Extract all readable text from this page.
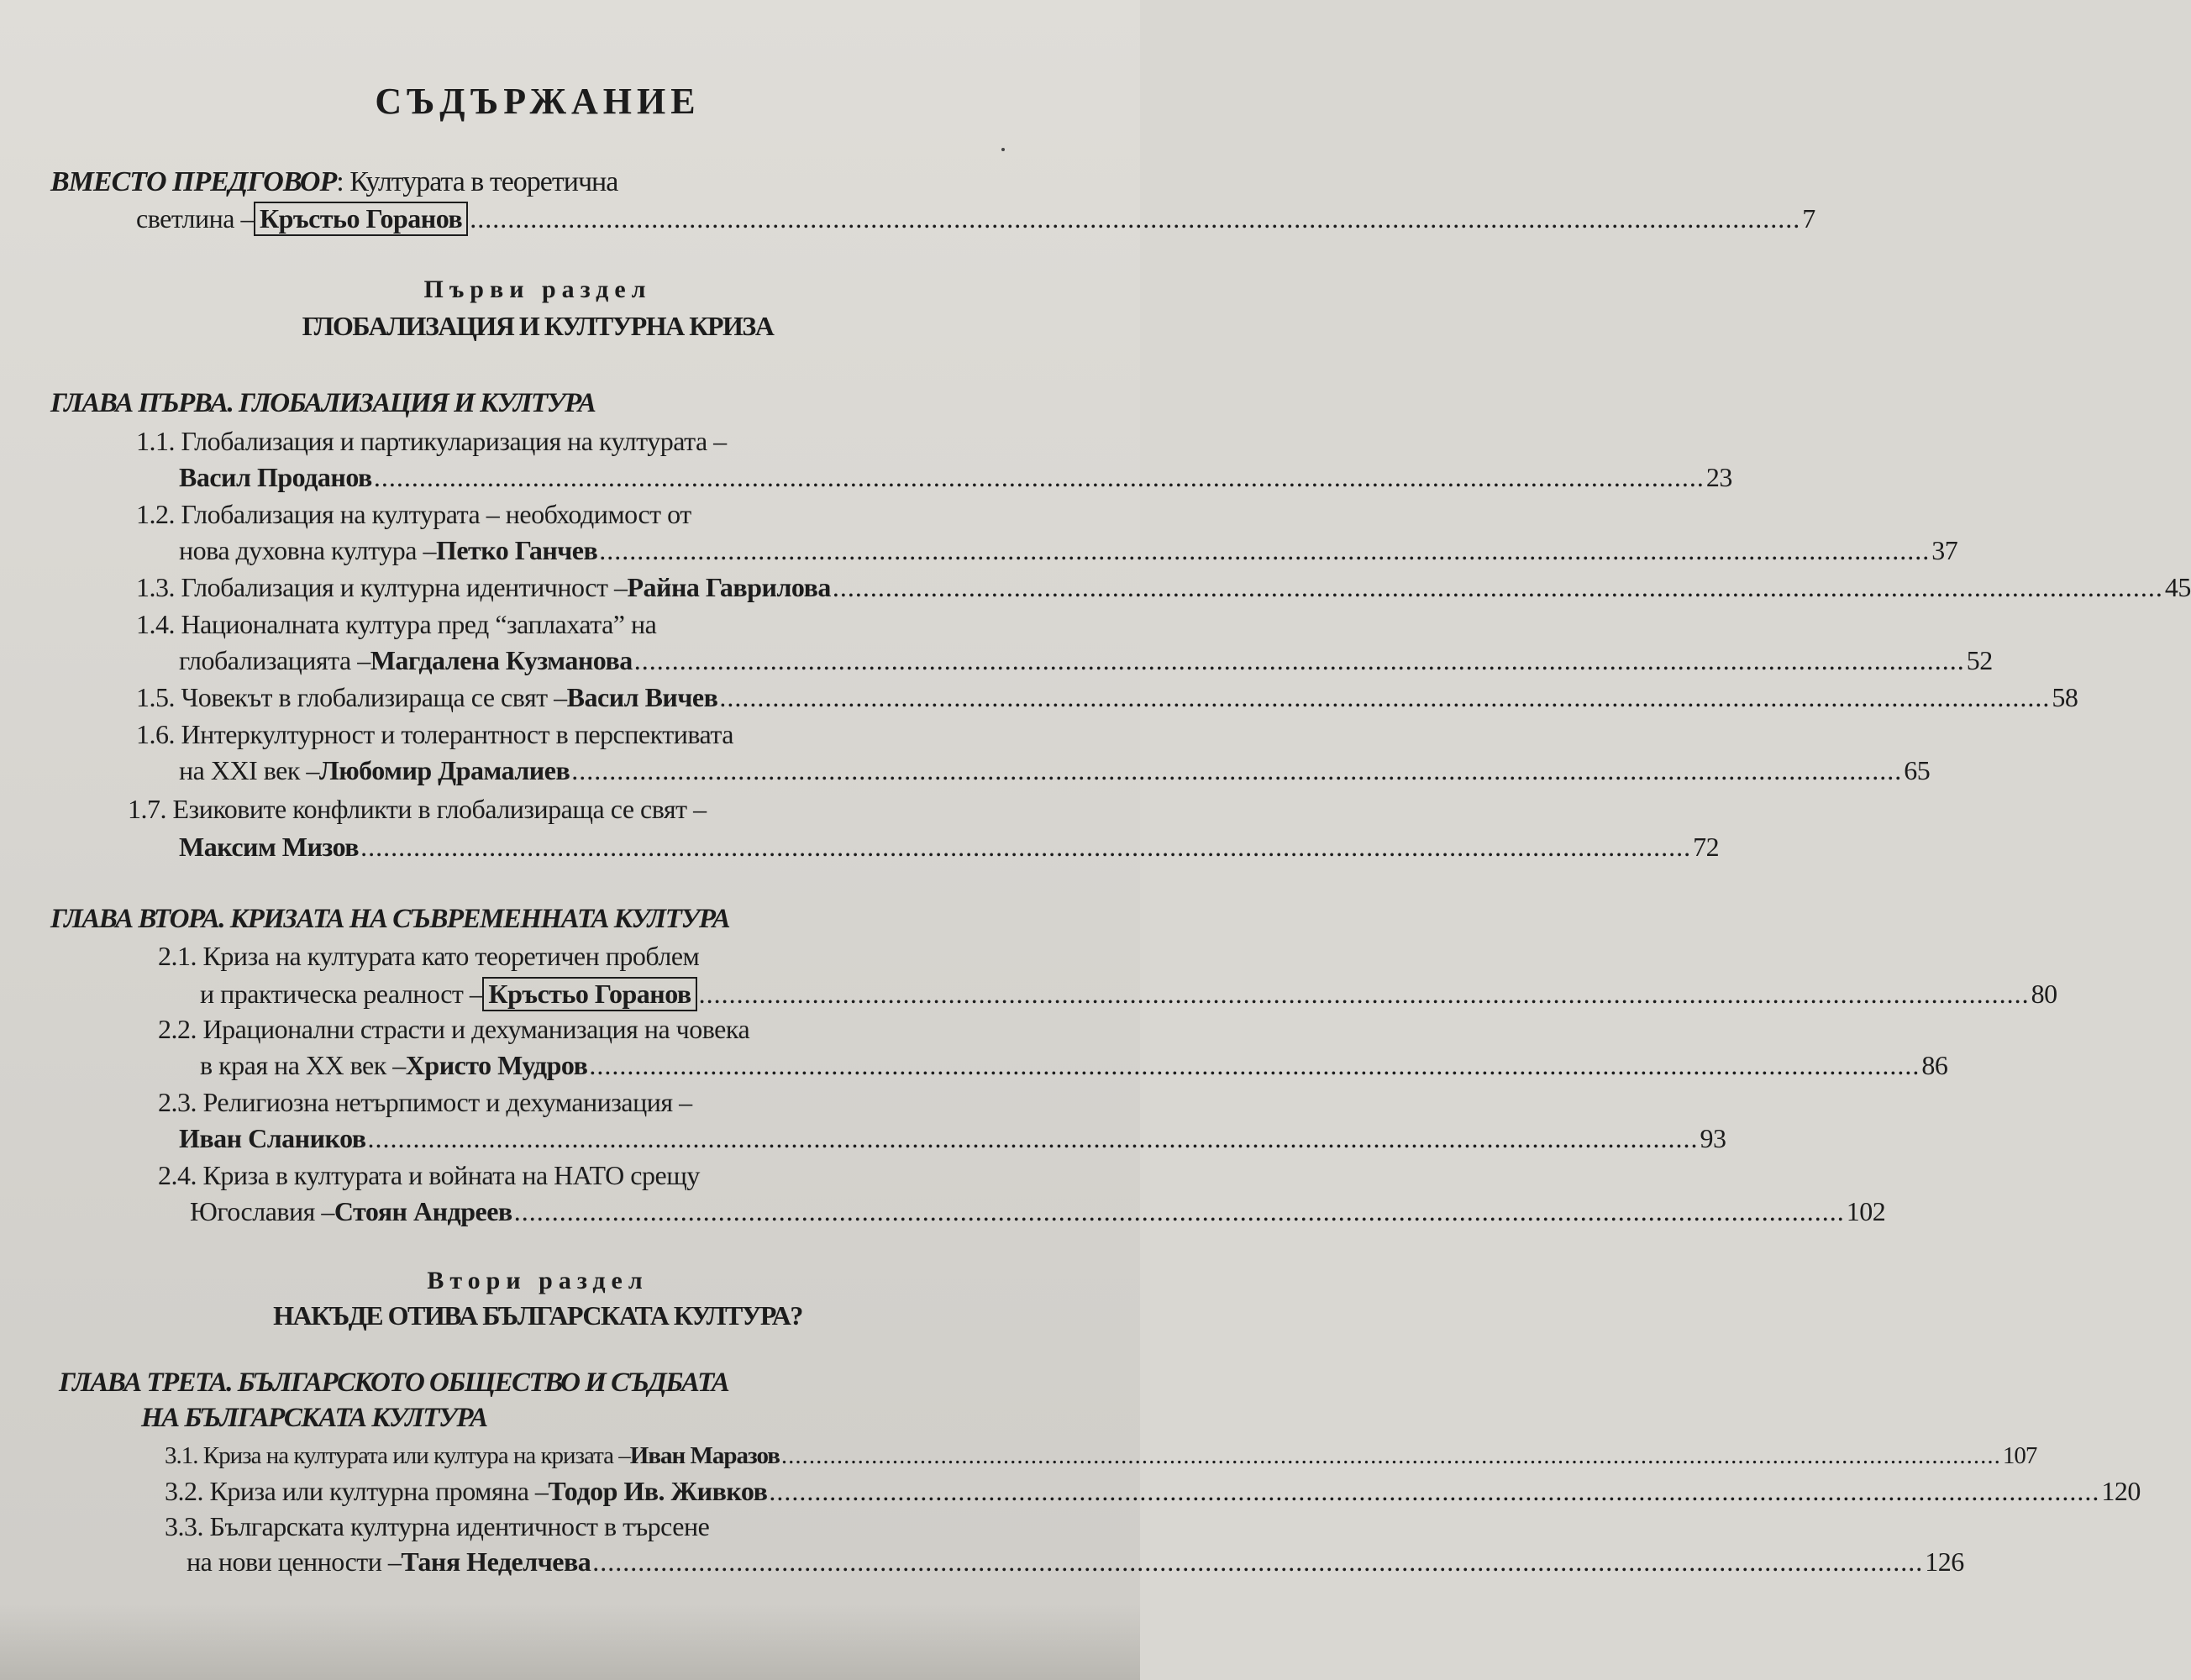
СЪДЪРЖАНИЕ
ВМЕСТО ПРЕДГОВОР: Културата в теоретична
светлина – Кръстьо Горанов ................................................................................................................................................................................ 7
Първи раздел
ГЛОБАЛИЗАЦИЯ И КУЛТУРНА КРИЗА
ГЛАВА ПЪРВА. ГЛОБАЛИЗАЦИЯ И КУЛТУРА
1.1. Глобализация и партикуларизация на културата –
Васил Проданов ................................................................................................................................................................................ 23
1.2. Глобализация на културата – необходимост от
нова духовна култура – Петко Ганчев ................................................................................................................................................................................ 37
1.3. Глобализация и културна идентичност – Райна Гаврилова ................................................................................................................................................................................ 45
1.4. Националната култура пред “заплахата” на
глобализацията – Магдалена Кузманова ................................................................................................................................................................................ 52
1.5. Човекът в глобализираща се свят – Васил Вичев ................................................................................................................................................................................ 58
1.6. Интеркултурност и толерантност в перспективата
на XXI век – Любомир Драмалиев ................................................................................................................................................................................ 65
1.7. Езиковите конфликти в глобализираща се свят –
Максим Мизов ................................................................................................................................................................................ 72
ГЛАВА ВТОРА. КРИЗАТА НА СЪВРЕМЕННАТА КУЛТУРА
2.1. Криза на културата като теоретичен проблем
и практическа реалност – Кръстьо Горанов ................................................................................................................................................................................ 80
2.2. Ирационални страсти и дехуманизация на човека
в края на XX век – Христо Мудров ................................................................................................................................................................................ 86
2.3. Религиозна нетърпимост и дехуманизация –
Иван Слаников ................................................................................................................................................................................ 93
2.4. Криза в културата и войната на НАТО срещу
Югославия – Стоян Андреев ................................................................................................................................................................................ 102
Втори раздел
НАКЪДЕ ОТИВА БЪЛГАРСКАТА КУЛТУРА?
ГЛАВА ТРЕТА. БЪЛГАРСКОТО ОБЩЕСТВО И СЪДБАТА
НА БЪЛГАРСКАТА КУЛТУРА
3.1. Криза на културата или култура на кризата – Иван Маразов ................................................................................................................................................................................ 107
3.2. Криза или културна промяна – Тодор Ив. Живков ................................................................................................................................................................................ 120
3.3. Българската културна идентичност в търсене
на нови ценности – Таня Неделчева ................................................................................................................................................................................ 126
